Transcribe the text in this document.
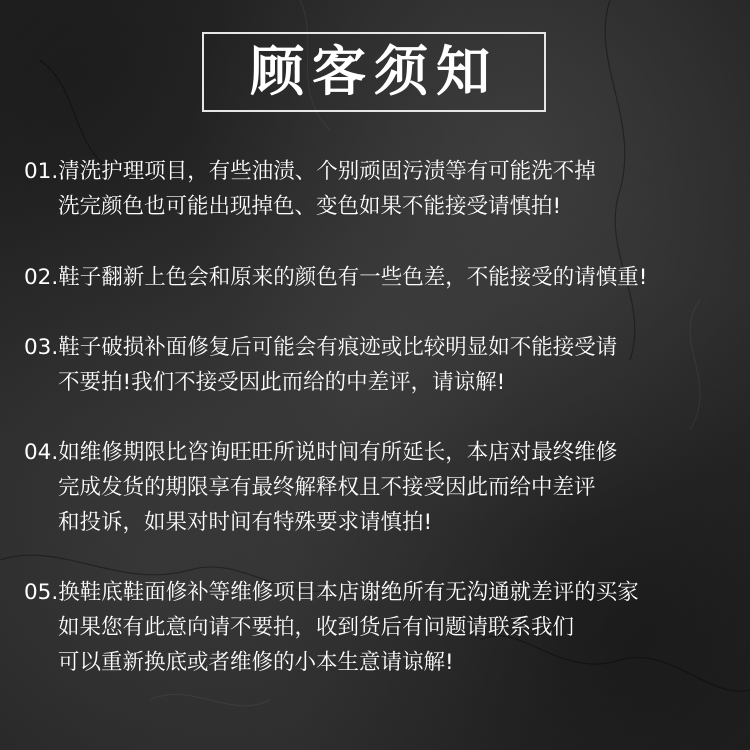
顾客须知
01.清洗护理项目，有些油渍、个别顽固污渍等有可能洗不掉
洗完颜色也可能出现掉色、变色如果不能接受请慎拍!
02.鞋子翻新上色会和原来的颜色有一些色差，不能接受的请慎重!
03.鞋子破损补面修复后可能会有痕迹或比较明显如不能接受请
不要拍!我们不接受因此而给的中差评，请谅解!
04.如维修期限比咨询旺旺所说时间有所延长，本店对最终维修
完成发货的期限享有最终解释权且不接受因此而给中差评
和投诉，如果对时间有特殊要求请慎拍!
05.换鞋底鞋面修补等维修项目本店谢绝所有无沟通就差评的买家
如果您有此意向请不要拍，收到货后有问题请联系我们
可以重新换底或者维修的小本生意请谅解!
